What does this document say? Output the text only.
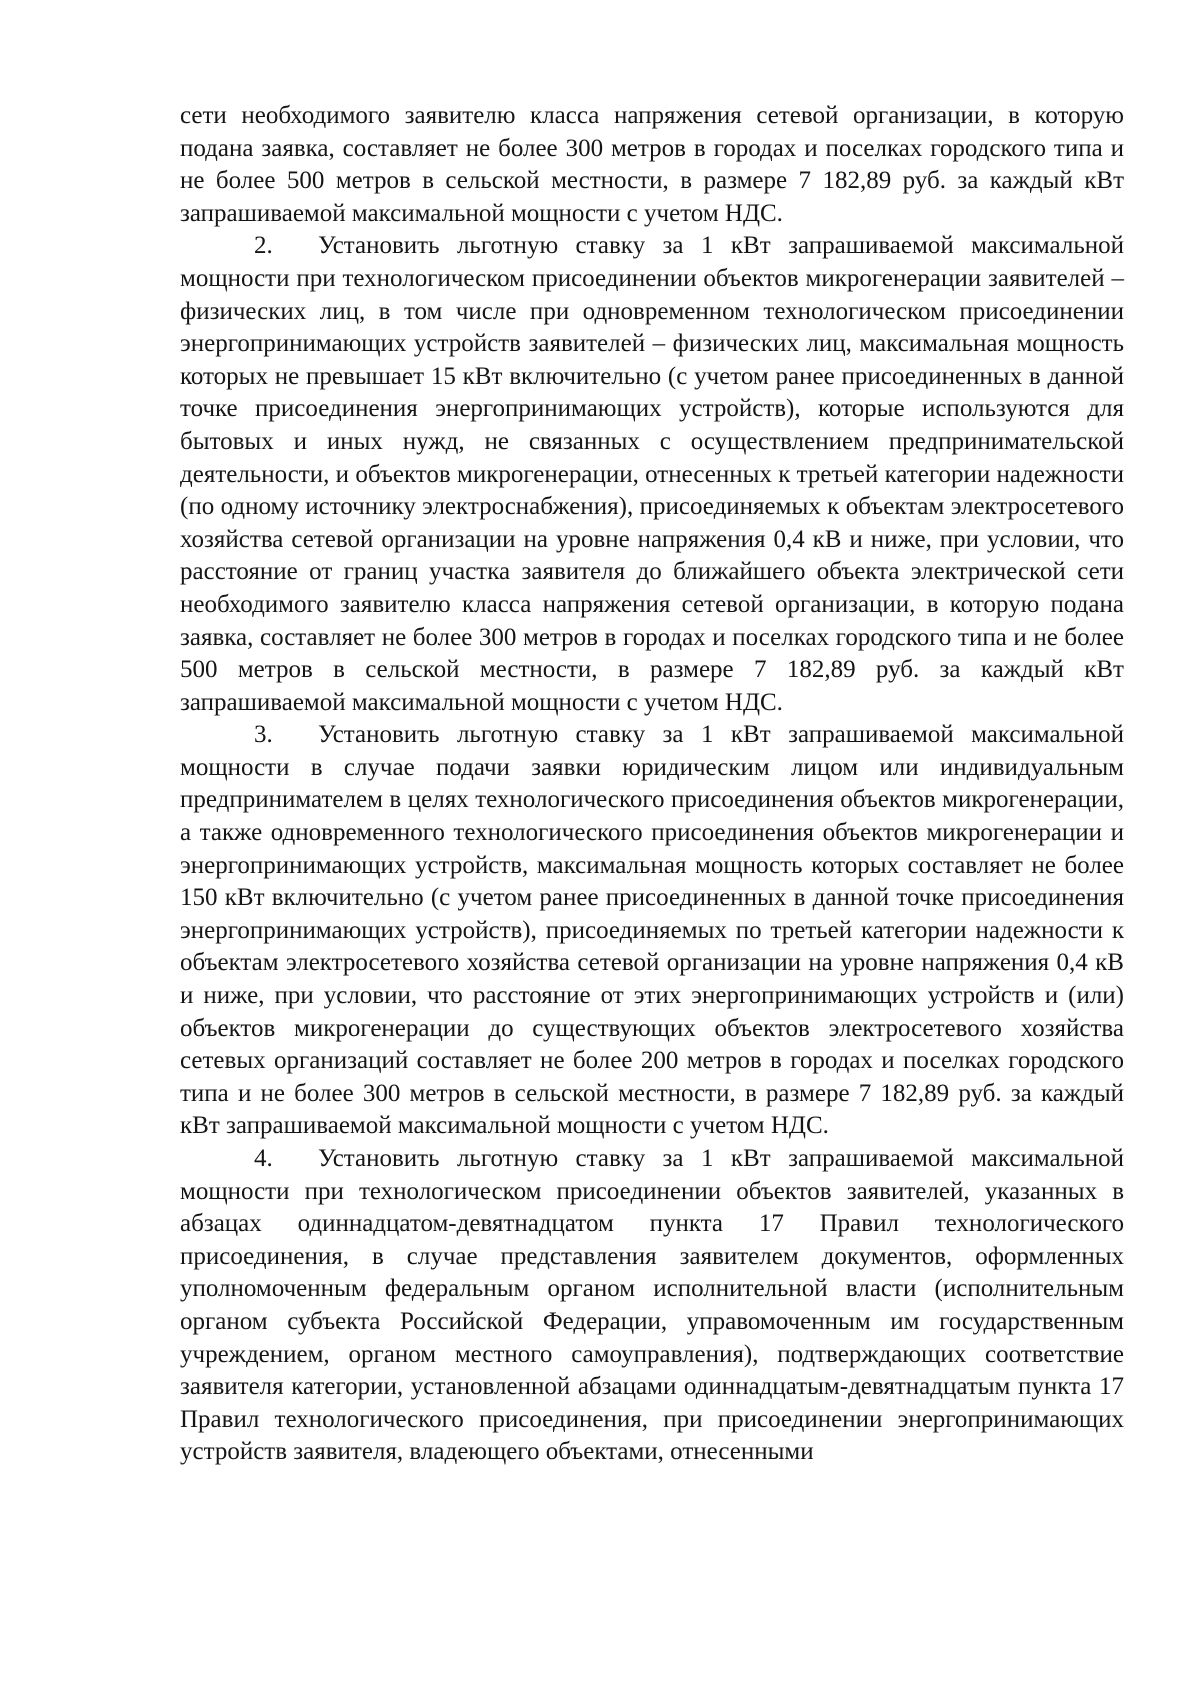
сети необходимого заявителю класса напряжения сетевой организации, в которую подана заявка, составляет не более 300 метров в городах и поселках городского типа и не более 500 метров в сельской местности, в размере 7 182,89 руб. за каждый кВт запрашиваемой максимальной мощности с учетом НДС.

2. Установить льготную ставку за 1 кВт запрашиваемой максимальной мощности при технологическом присоединении объектов микрогенерации заявителей – физических лиц, в том числе при одновременном технологическом присоединении энергопринимающих устройств заявителей – физических лиц, максимальная мощность которых не превышает 15 кВт включительно (с учетом ранее присоединенных в данной точке присоединения энергопринимающих устройств), которые используются для бытовых и иных нужд, не связанных с осуществлением предпринимательской деятельности, и объектов микрогенерации, отнесенных к третьей категории надежности (по одному источнику электроснабжения), присоединяемых к объектам электросетевого хозяйства сетевой организации на уровне напряжения 0,4 кВ и ниже, при условии, что расстояние от границ участка заявителя до ближайшего объекта электрической сети необходимого заявителю класса напряжения сетевой организации, в которую подана заявка, составляет не более 300 метров в городах и поселках городского типа и не более 500 метров в сельской местности, в размере 7 182,89 руб. за каждый кВт запрашиваемой максимальной мощности с учетом НДС.

3. Установить льготную ставку за 1 кВт запрашиваемой максимальной мощности в случае подачи заявки юридическим лицом или индивидуальным предпринимателем в целях технологического присоединения объектов микрогенерации, а также одновременного технологического присоединения объектов микрогенерации и энергопринимающих устройств, максимальная мощность которых составляет не более 150 кВт включительно (с учетом ранее присоединенных в данной точке присоединения энергопринимающих устройств), присоединяемых по третьей категории надежности к объектам электросетевого хозяйства сетевой организации на уровне напряжения 0,4 кВ и ниже, при условии, что расстояние от этих энергопринимающих устройств и (или) объектов микрогенерации до существующих объектов электросетевого хозяйства сетевых организаций составляет не более 200 метров в городах и поселках городского типа и не более 300 метров в сельской местности, в размере 7 182,89 руб. за каждый кВт запрашиваемой максимальной мощности с учетом НДС.

4. Установить льготную ставку за 1 кВт запрашиваемой максимальной мощности при технологическом присоединении объектов заявителей, указанных в абзацах одиннадцатом-девятнадцатом пункта 17 Правил технологического присоединения, в случае представления заявителем документов, оформленных уполномоченным федеральным органом исполнительной власти (исполнительным органом субъекта Российской Федерации, управомоченным им государственным учреждением, органом местного самоуправления), подтверждающих соответствие заявителя категории, установленной абзацами одиннадцатым-девятнадцатым пункта 17 Правил технологического присоединения, при присоединении энергопринимающих устройств заявителя, владеющего объектами, отнесенными
